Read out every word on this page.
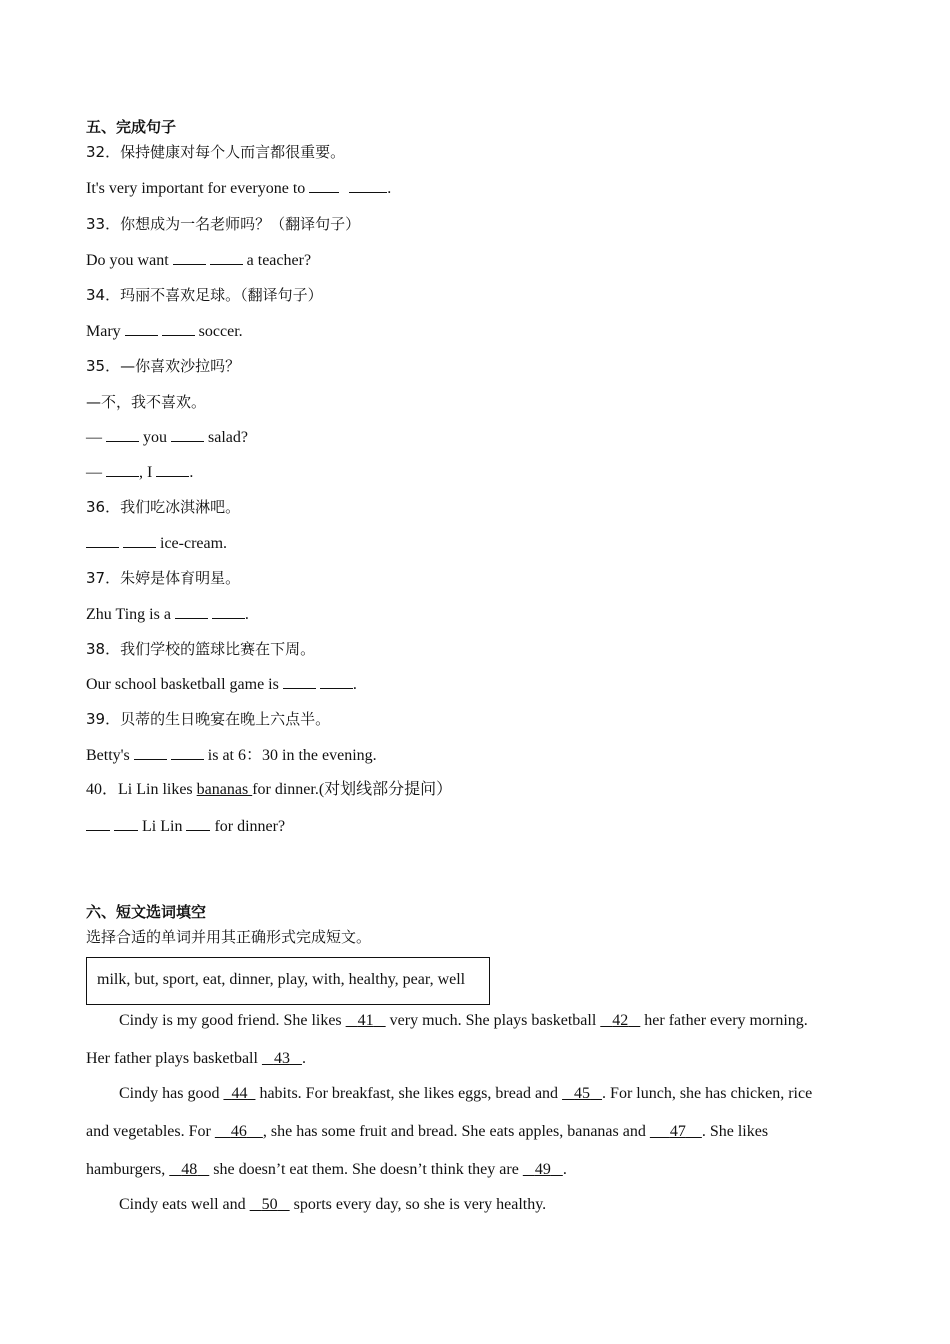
五、完成句子
32．保持健康对每个人而言都很重要。
It's very important for everyone to	.
33．你想成为一名老师吗？（翻译句子）
Do you want	a teacher?
34．玛丽不喜欢足球。（翻译句子）
Mary	soccer.
35．—你喜欢沙拉吗？
—不，我不喜欢。
—	you	salad?
— , I .
36．我们吃冰淇淋吧。
ice-cream.
37．朱婷是体育明星。
Zhu Ting is a	.
38．我们学校的篮球比赛在下周。
Our school basketball game is	.
39．贝蒂的生日晚宴在晚上六点半。
Betty's	is at 6：30 in the evening.
40．Li Lin likes bananas for dinner.(对划线部分提问）
Li Lin for dinner?
六、短文选词填空
选择合适的单词并用其正确形式完成短文。
milk, but, sport, eat, dinner, play, with, healthy, pear, well
Cindy is my good friend. She likes    41    very much. She plays basketball    42    her father every morning.
Her father plays basketball    43 .
Cindy has good   44   habits. For breakfast, she likes eggs, bread and    45 . For lunch, she has chicken, rice
and vegetables. For     46 , she has some fruit and bread. She eats apples, bananas and      47 . She likes
hamburgers,    48    she doesn’t eat them. She doesn’t think they are    49 .
Cindy eats well and    50    sports every day, so she is very healthy.
